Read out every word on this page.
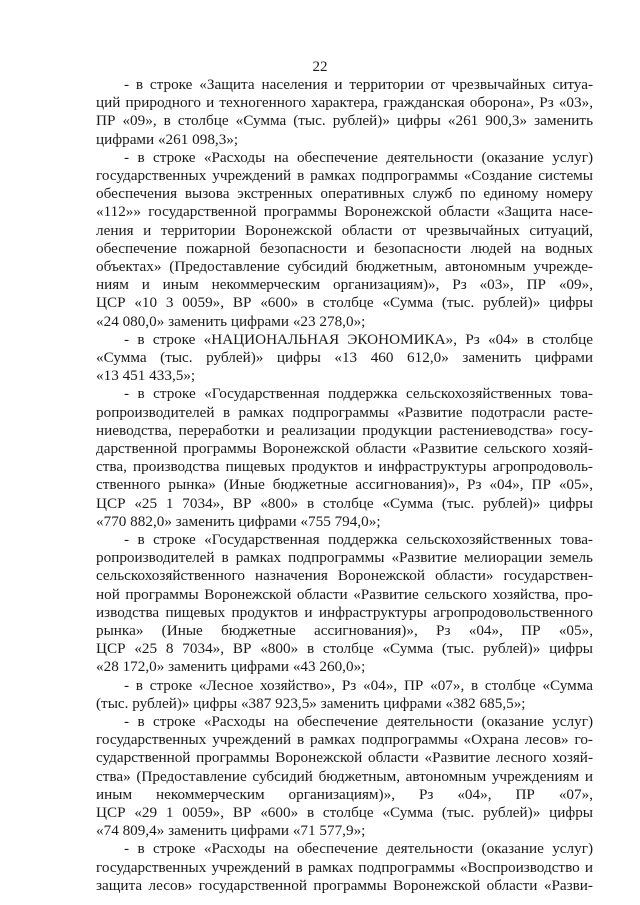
22
- в строке «Защита населения и территории от чрезвычайных ситуа-
ций природного и техногенного характера, гражданская оборона», Рз «03»,
ПР «09», в столбце «Сумма (тыс. рублей)» цифры «261 900,3» заменить
цифрами «261 098,3»;
- в строке «Расходы на обеспечение деятельности (оказание услуг)
государственных учреждений в рамках подпрограммы «Создание системы
обеспечения вызова экстренных оперативных служб по единому номеру
«112»» государственной программы Воронежской области «Защита насе-
ления и территории Воронежской области от чрезвычайных ситуаций,
обеспечение пожарной безопасности и безопасности людей на водных
объектах» (Предоставление субсидий бюджетным, автономным учрежде-
ниям и иным некоммерческим организациям)», Рз «03», ПР «09»,
ЦСР «10 3 0059», ВР «600» в столбце «Сумма (тыс. рублей)» цифры
«24 080,0» заменить цифрами «23 278,0»;
- в строке «НАЦИОНАЛЬНАЯ ЭКОНОМИКА», Рз «04» в столбце
«Сумма (тыс. рублей)» цифры «13 460 612,0» заменить цифрами
«13 451 433,5»;
- в строке «Государственная поддержка сельскохозяйственных това-
ропроизводителей в рамках подпрограммы «Развитие подотрасли расте-
ниеводства, переработки и реализации продукции растениеводства» госу-
дарственной программы Воронежской области «Развитие сельского хозяй-
ства, производства пищевых продуктов и инфраструктуры агропродоволь-
ственного рынка» (Иные бюджетные ассигнования)», Рз «04», ПР «05»,
ЦСР «25 1 7034», ВР «800» в столбце «Сумма (тыс. рублей)» цифры
«770 882,0» заменить цифрами «755 794,0»;
- в строке «Государственная поддержка сельскохозяйственных това-
ропроизводителей в рамках подпрограммы «Развитие мелиорации земель
сельскохозяйственного назначения Воронежской области» государствен-
ной программы Воронежской области «Развитие сельского хозяйства, про-
изводства пищевых продуктов и инфраструктуры агропродовольственного
рынка» (Иные бюджетные ассигнования)», Рз «04», ПР «05»,
ЦСР «25 8 7034», ВР «800» в столбце «Сумма (тыс. рублей)» цифры
«28 172,0» заменить цифрами «43 260,0»;
- в строке «Лесное хозяйство», Рз «04», ПР «07», в столбце «Сумма
(тыс. рублей)» цифры «387 923,5» заменить цифрами «382 685,5»;
- в строке «Расходы на обеспечение деятельности (оказание услуг)
государственных учреждений в рамках подпрограммы «Охрана лесов» го-
сударственной программы Воронежской области «Развитие лесного хозяй-
ства» (Предоставление субсидий бюджетным, автономным учреждениям и
иным некоммерческим организациям)», Рз «04», ПР «07»,
ЦСР «29 1 0059», ВР «600» в столбце «Сумма (тыс. рублей)» цифры
«74 809,4» заменить цифрами «71 577,9»;
- в строке «Расходы на обеспечение деятельности (оказание услуг)
государственных учреждений в рамках подпрограммы «Воспроизводство и
защита лесов» государственной программы Воронежской области «Разви-
